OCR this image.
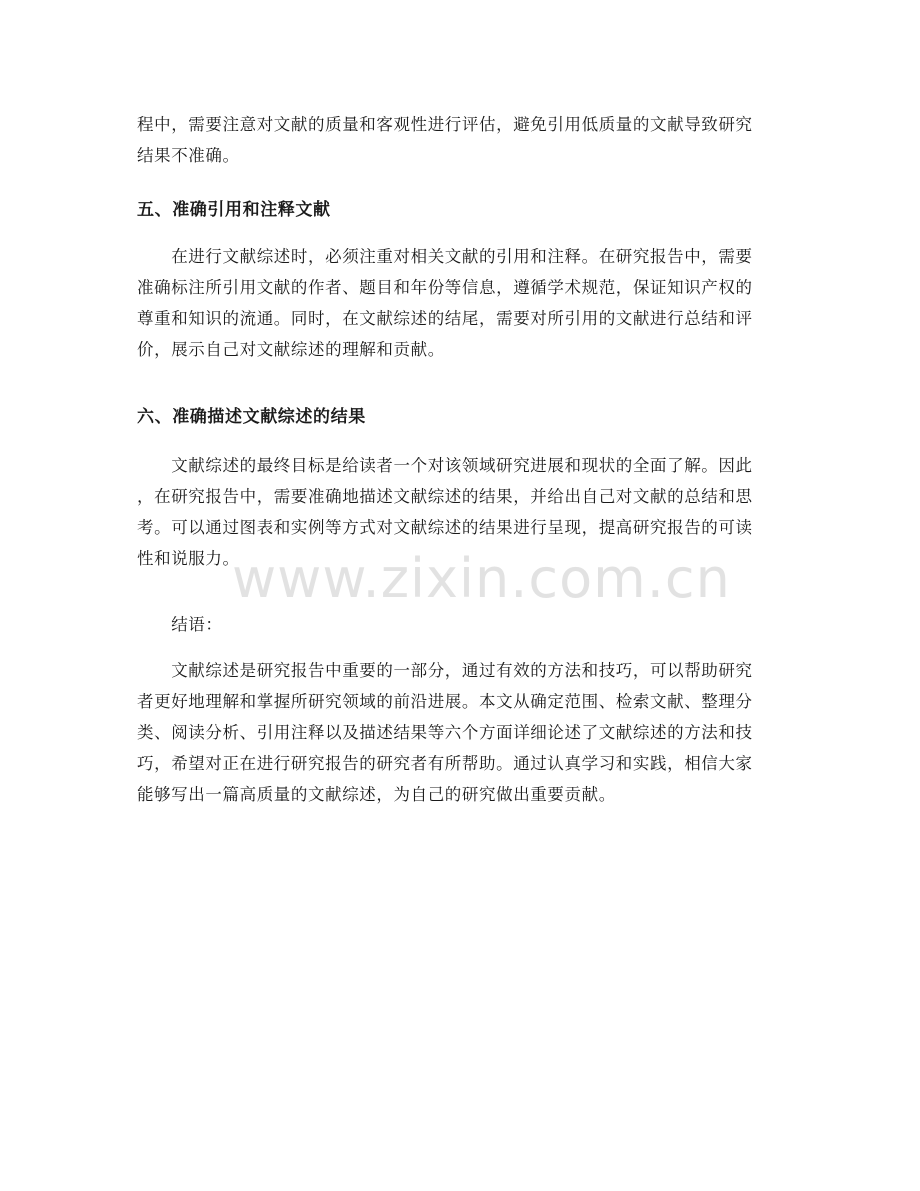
程中，需要注意对文献的质量和客观性进行评估，避免引用低质量的文献导致研究
结果不准确。
五、准确引用和注释文献
　　在进行文献综述时，必须注重对相关文献的引用和注释。在研究报告中，需要
准确标注所引用文献的作者、题目和年份等信息，遵循学术规范，保证知识产权的
尊重和知识的流通。同时，在文献综述的结尾，需要对所引用的文献进行总结和评
价，展示自己对文献综述的理解和贡献。
六、准确描述文献综述的结果
　　文献综述的最终目标是给读者一个对该领域研究进展和现状的全面了解。因此
，在研究报告中，需要准确地描述文献综述的结果，并给出自己对文献的总结和思
考。可以通过图表和实例等方式对文献综述的结果进行呈现，提高研究报告的可读
性和说服力。
　　结语：
　　文献综述是研究报告中重要的一部分，通过有效的方法和技巧，可以帮助研究
者更好地理解和掌握所研究领域的前沿进展。本文从确定范围、检索文献、整理分
类、阅读分析、引用注释以及描述结果等六个方面详细论述了文献综述的方法和技
巧，希望对正在进行研究报告的研究者有所帮助。通过认真学习和实践，相信大家
能够写出一篇高质量的文献综述，为自己的研究做出重要贡献。
www.zixin.com.cn
